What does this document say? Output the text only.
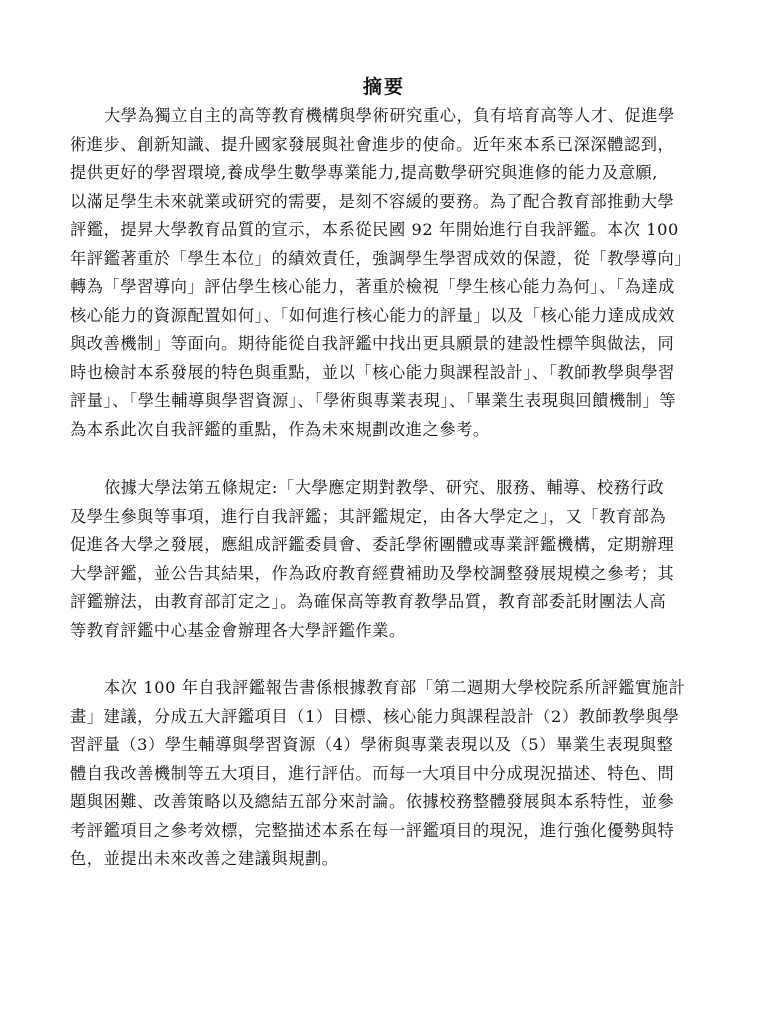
摘要
大學為獨立自主的高等教育機構與學術研究重心，負有培育高等人才、促進學
術進步、創新知識、提升國家發展與社會進步的使命。近年來本系已深深體認到，
提供更好的學習環境,養成學生數學專業能力,提高數學研究與進修的能力及意願,
以滿足學生未來就業或研究的需要，是刻不容緩的要務。為了配合教育部推動大學
評鑑，提昇大學教育品質的宣示，本系從民國 92 年開始進行自我評鑑。本次 100
年評鑑著重於「學生本位」的績效責任，強調學生學習成效的保證，從「教學導向」
轉為「學習導向」評估學生核心能力，著重於檢視「學生核心能力為何」、「為達成
核心能力的資源配置如何」、「如何進行核心能力的評量」以及「核心能力達成成效
與改善機制」等面向。期待能從自我評鑑中找出更具願景的建設性標竿與做法，同
時也檢討本系發展的特色與重點，並以「核心能力與課程設計」、「教師教學與學習
評量」、「學生輔導與學習資源」、「學術與專業表現」、「畢業生表現與回饋機制」等
為本系此次自我評鑑的重點，作為未來規劃改進之參考。
依據大學法第五條規定:「大學應定期對教學、研究、服務、輔導、校務行政
及學生參與等事項，進行自我評鑑；其評鑑規定，由各大學定之」，又「教育部為
促進各大學之發展，應組成評鑑委員會、委託學術團體或專業評鑑機構，定期辦理
大學評鑑，並公告其結果，作為政府教育經費補助及學校調整發展規模之參考；其
評鑑辦法，由教育部訂定之」。為確保高等教育教學品質，教育部委託財團法人高
等教育評鑑中心基金會辦理各大學評鑑作業。
本次 100 年自我評鑑報告書係根據教育部「第二週期大學校院系所評鑑實施計
畫」建議，分成五大評鑑項目（1）目標、核心能力與課程設計（2）教師教學與學
習評量（3）學生輔導與學習資源（4）學術與專業表現以及（5）畢業生表現與整
體自我改善機制等五大項目，進行評估。而每一大項目中分成現況描述、特色、問
題與困難、改善策略以及總結五部分來討論。依據校務整體發展與本系特性，並參
考評鑑項目之參考效標，完整描述本系在每一評鑑項目的現況，進行強化優勢與特
色，並提出未來改善之建議與規劃。
